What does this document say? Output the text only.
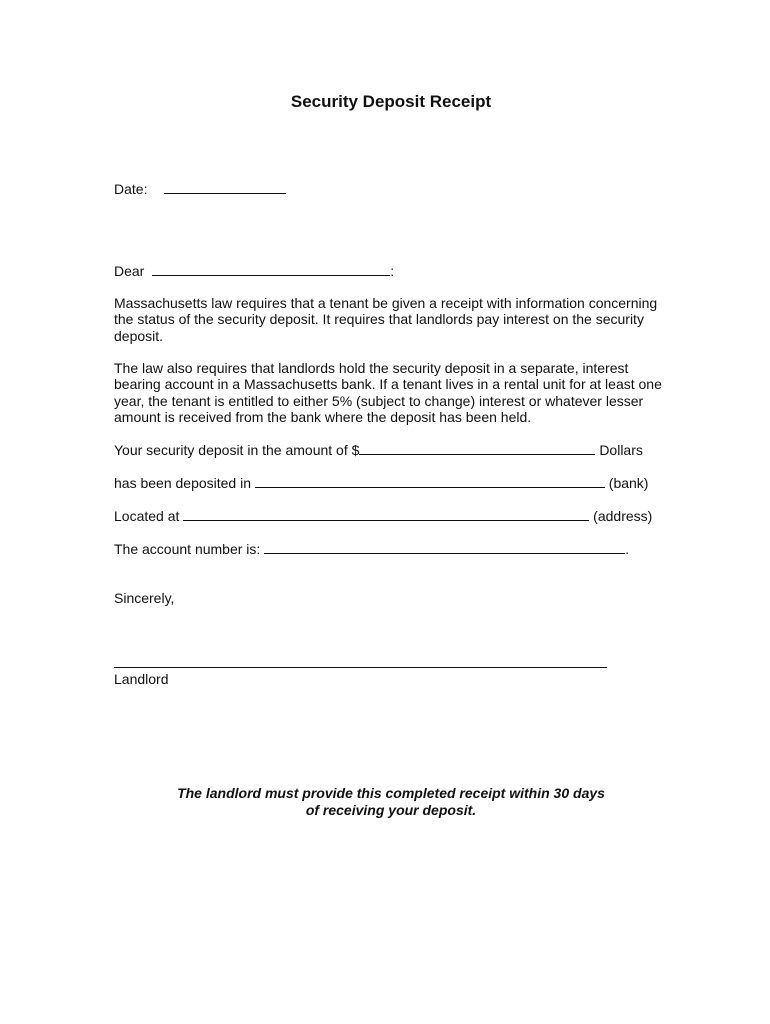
Security Deposit Receipt
Date:
Dear	:
Massachusetts law requires that a tenant be given a receipt with information concerning
the status of the security deposit. It requires that landlords pay interest on the security
deposit.
The law also requires that landlords hold the security deposit in a separate, interest
bearing account in a Massachusetts bank. If a tenant lives in a rental unit for at least one
year, the tenant is entitled to either 5% (subject to change) interest or whatever lesser
amount is received from the bank where the deposit has been held.
Your security deposit in the amount of $	Dollars
has been deposited in	(bank)
Located at	(address)
The account number is:	.
Sincerely,
Landlord
The landlord must provide this completed receipt within 30 days
of receiving your deposit.
